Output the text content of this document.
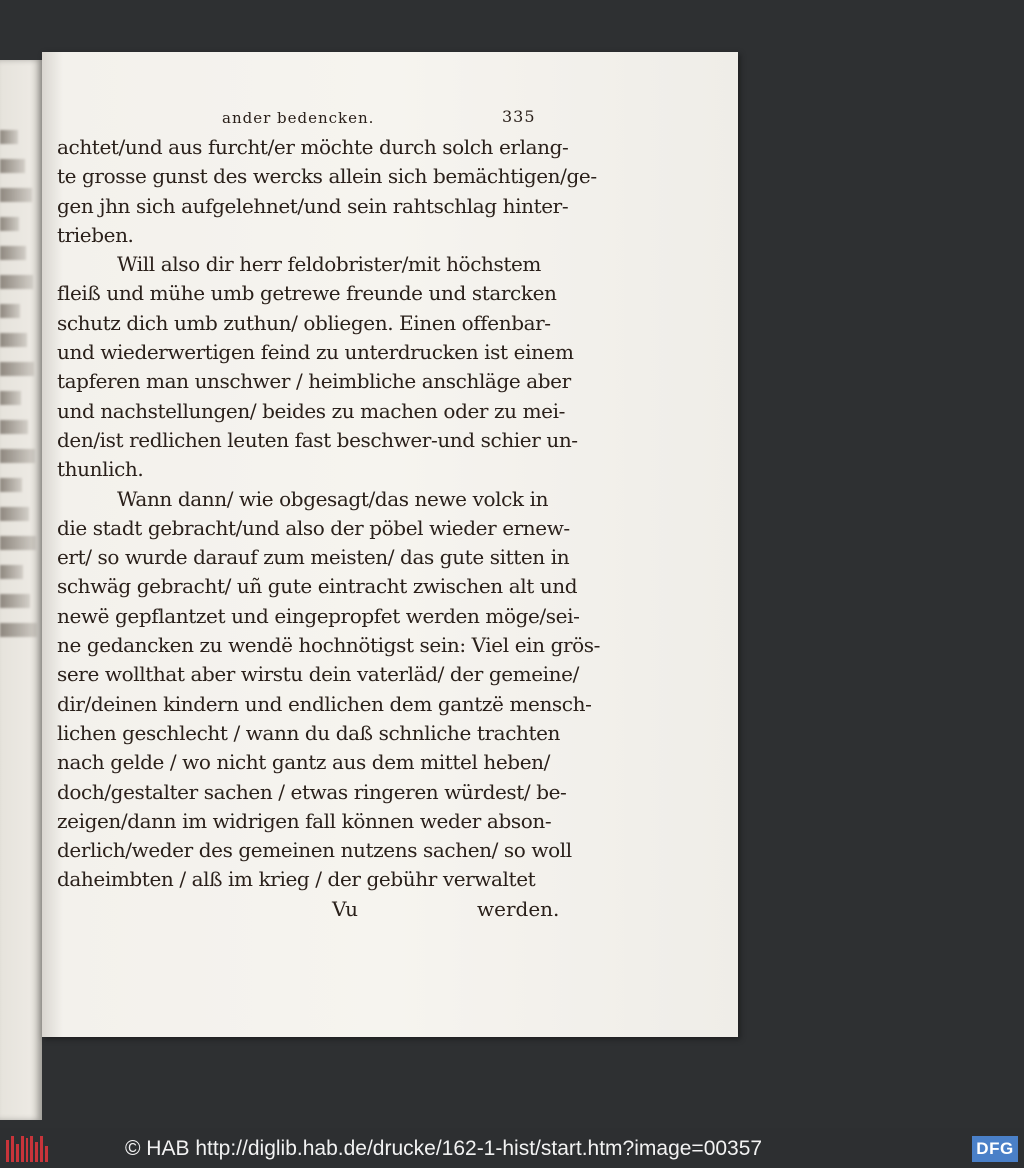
ander bedencken.	335
achtet/und aus furcht/er möchte durch solch erlang-
te grosse gunst des wercks allein sich bemächtigen/ge-
gen jhn sich aufgelehnet/und sein rahtschlag hinter-
trieben.
Will also dir herr feldobrister/mit höchstem
fleiß und mühe umb getrewe freunde und starcken
schutz dich umb zuthun/ obliegen. Einen offenbar-
und wiederwertigen feind zu unterdrucken ist einem
tapferen man unschwer / heimbliche anschläge aber
und nachstellungen/ beides zu machen oder zu mei-
den/ist redlichen leuten fast beschwer-und schier un-
thunlich.
Wann dann/ wie obgesagt/das newe volck in
die stadt gebracht/und also der pöbel wieder ernew-
ert/ so wurde darauf zum meisten/ das gute sitten in
schwäg gebracht/ uñ gute eintracht zwischen alt und
newë gepflantzet und eingepropfet werden möge/sei-
ne gedancken zu wendë hochnötigst sein: Viel ein grös-
sere wollthat aber wirstu dein vaterläd/ der gemeine/
dir/deinen kindern und endlichen dem gantzë mensch-
lichen geschlecht / wann du daß schnliche trachten
nach gelde / wo nicht gantz aus dem mittel heben/
doch/gestalter sachen / etwas ringeren würdest/ be-
zeigen/dann im widrigen fall können weder abson-
derlich/weder des gemeinen nutzens sachen/ so woll
daheimbten / alß im krieg / der gebühr verwaltet
Vu	werden.
© HAB http://diglib.hab.de/drucke/162-1-hist/start.htm?image=00357	DFG
